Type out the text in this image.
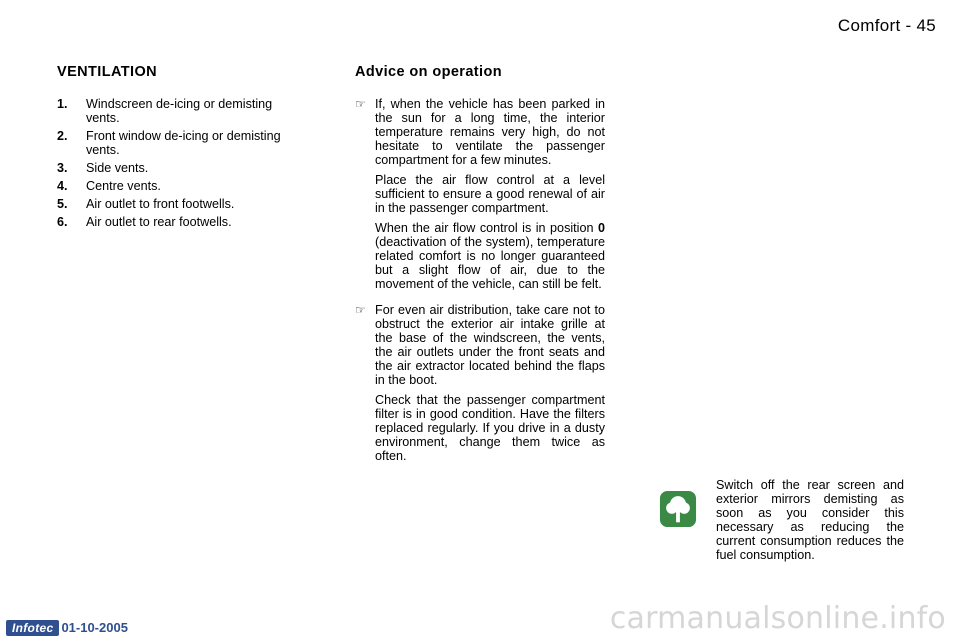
Comfort - 45
VENTILATION
1.	Windscreen de-icing or demisting vents.
2.	Front window de-icing or demisting vents.
3.	Side vents.
4.	Centre vents.
5.	Air outlet to front footwells.
6.	Air outlet to rear footwells.
Advice on operation
☞ If, when the vehicle has been parked in the sun for a long time, the interior temperature remains very high, do not hesitate to ventilate the passenger compartment for a few minutes.

Place the air flow control at a level sufficient to ensure a good renewal of air in the passenger compartment.

When the air flow control is in position 0 (deactivation of the system), temperature related comfort is no longer guaranteed but a slight flow of air, due to the movement of the vehicle, can still be felt.

☞ For even air distribution, take care not to obstruct the exterior air intake grille at the base of the windscreen, the vents, the air outlets under the front seats and the air extractor located behind the flaps in the boot.

Check that the passenger compartment filter is in good condition. Have the filters replaced regularly. If you drive in a dusty environment, change them twice as often.

Switch off the rear screen and exterior mirrors demisting as soon as you consider this necessary as reducing the current consumption reduces the fuel consumption.

Infotec 01-10-2005	carmanualsonline.info
